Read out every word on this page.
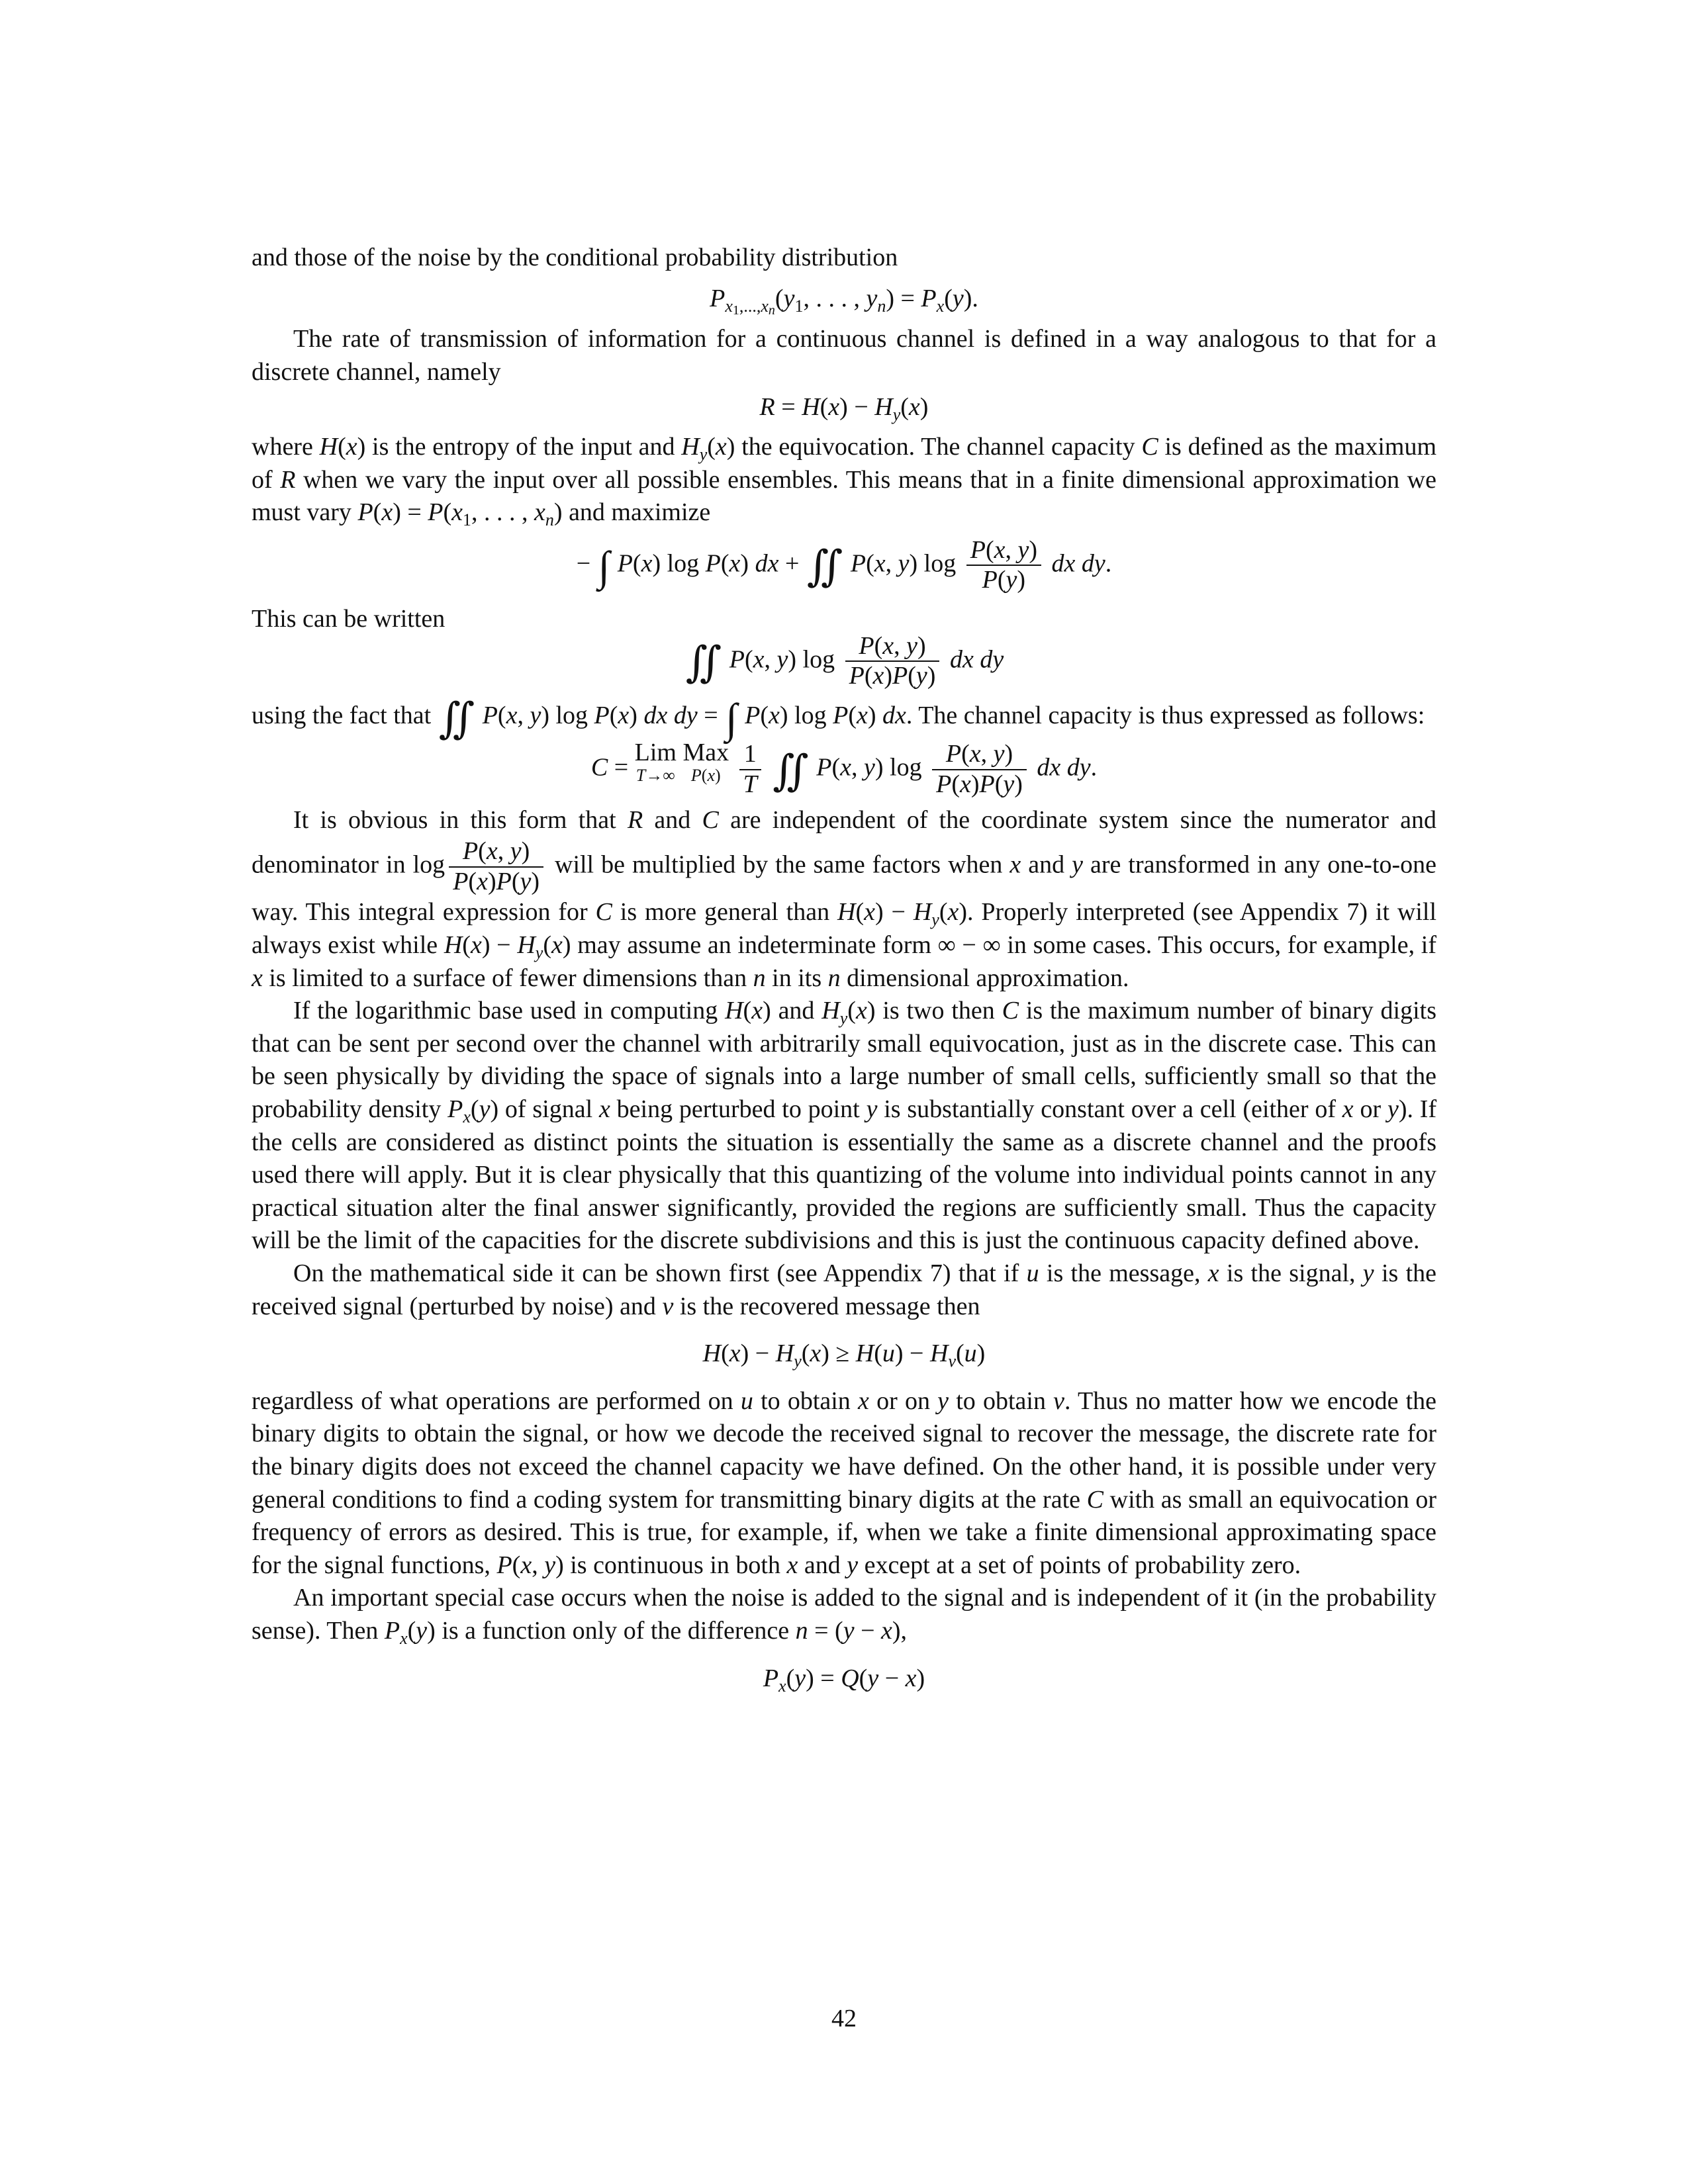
and those of the noise by the conditional probability distribution

$P_{x_1,...,x_n}(y_1$, . . . , $y_n) = P_x(y)$.

The rate of transmission of information for a continuous channel is defined in a way analogous to that for a discrete channel, namely

$R = H(x) - H_y(x)$

where H(x) is the entropy of the input and $H_y(x)$ the equivocation. The channel capacity C is defined as the maximum of R when we vary the input over all possible ensembles. This means that in a finite dimensional approximation we must vary $P(x) = P(x_1$, . . . , $x_n$) and maximize

− ∫ P(x) log P(x) dx + ∬ P(x, y) $\log \frac{P(x, y)}{P(y)}$ dx dy.

This can be written

∬ P(x, y) $\log \frac{P(x, y)}{P(x)P(y)}$ dx dy

using the fact that ∬ P(x, y) log P(x) dx dy = ∫ P(x) log P(x) dx. The channel capacity is thus expressed as follows:

C = Lim
T→∞
Max
P(x)
$\frac{1}{T}$ ∬ P(x, y) $\log \frac{P(x, y)}{P(x)P(y)}$ dx dy.

It is obvious in this form that R and C are independent of the coordinate system since the numerator and denominator in $\log \frac{P(x, y)}{P(x)P(y)}$ will be multiplied by the same factors when x and y are transformed in any one-to-one way. This integral expression for C is more general than $H(x) - H_y(x)$. Properly interpreted (see Appendix 7) it will always exist while $H(x) - H_y(x)$ may assume an indeterminate form ∞ − ∞ in some cases. This occurs, for example, if x is limited to a surface of fewer dimensions than n in its n dimensional approximation.

If the logarithmic base used in computing H(x) and $H_y(x)$ is two then C is the maximum number of binary digits that can be sent per second over the channel with arbitrarily small equivocation, just as in the discrete case. This can be seen physically by dividing the space of signals into a large number of small cells, sufficiently small so that the probability density $P_x(y)$ of signal x being perturbed to point y is substantially constant over a cell (either of x or y). If the cells are considered as distinct points the situation is essentially the same as a discrete channel and the proofs used there will apply. But it is clear physically that this quantizing of the volume into individual points cannot in any practical situation alter the final answer significantly, provided the regions are sufficiently small. Thus the capacity will be the limit of the capacities for the discrete subdivisions and this is just the continuous capacity defined above.

On the mathematical side it can be shown first (see Appendix 7) that if u is the message, x is the signal, y is the received signal (perturbed by noise) and v is the recovered message then

$H(x) - H_y(x) \ge H(u) - H_v(u)$

regardless of what operations are performed on u to obtain x or on y to obtain v. Thus no matter how we encode the binary digits to obtain the signal, or how we decode the received signal to recover the message, the discrete rate for the binary digits does not exceed the channel capacity we have defined. On the other hand, it is possible under very general conditions to find a coding system for transmitting binary digits at the rate C with as small an equivocation or frequency of errors as desired. This is true, for example, if, when we take a finite dimensional approximating space for the signal functions, P(x, y) is continuous in both x and y except at a set of points of probability zero.

An important special case occurs when the noise is added to the signal and is independent of it (in the probability sense). Then $P_x(y)$ is a function only of the difference n = (y − x),

$P_x(y) = Q(y - x)$

42
